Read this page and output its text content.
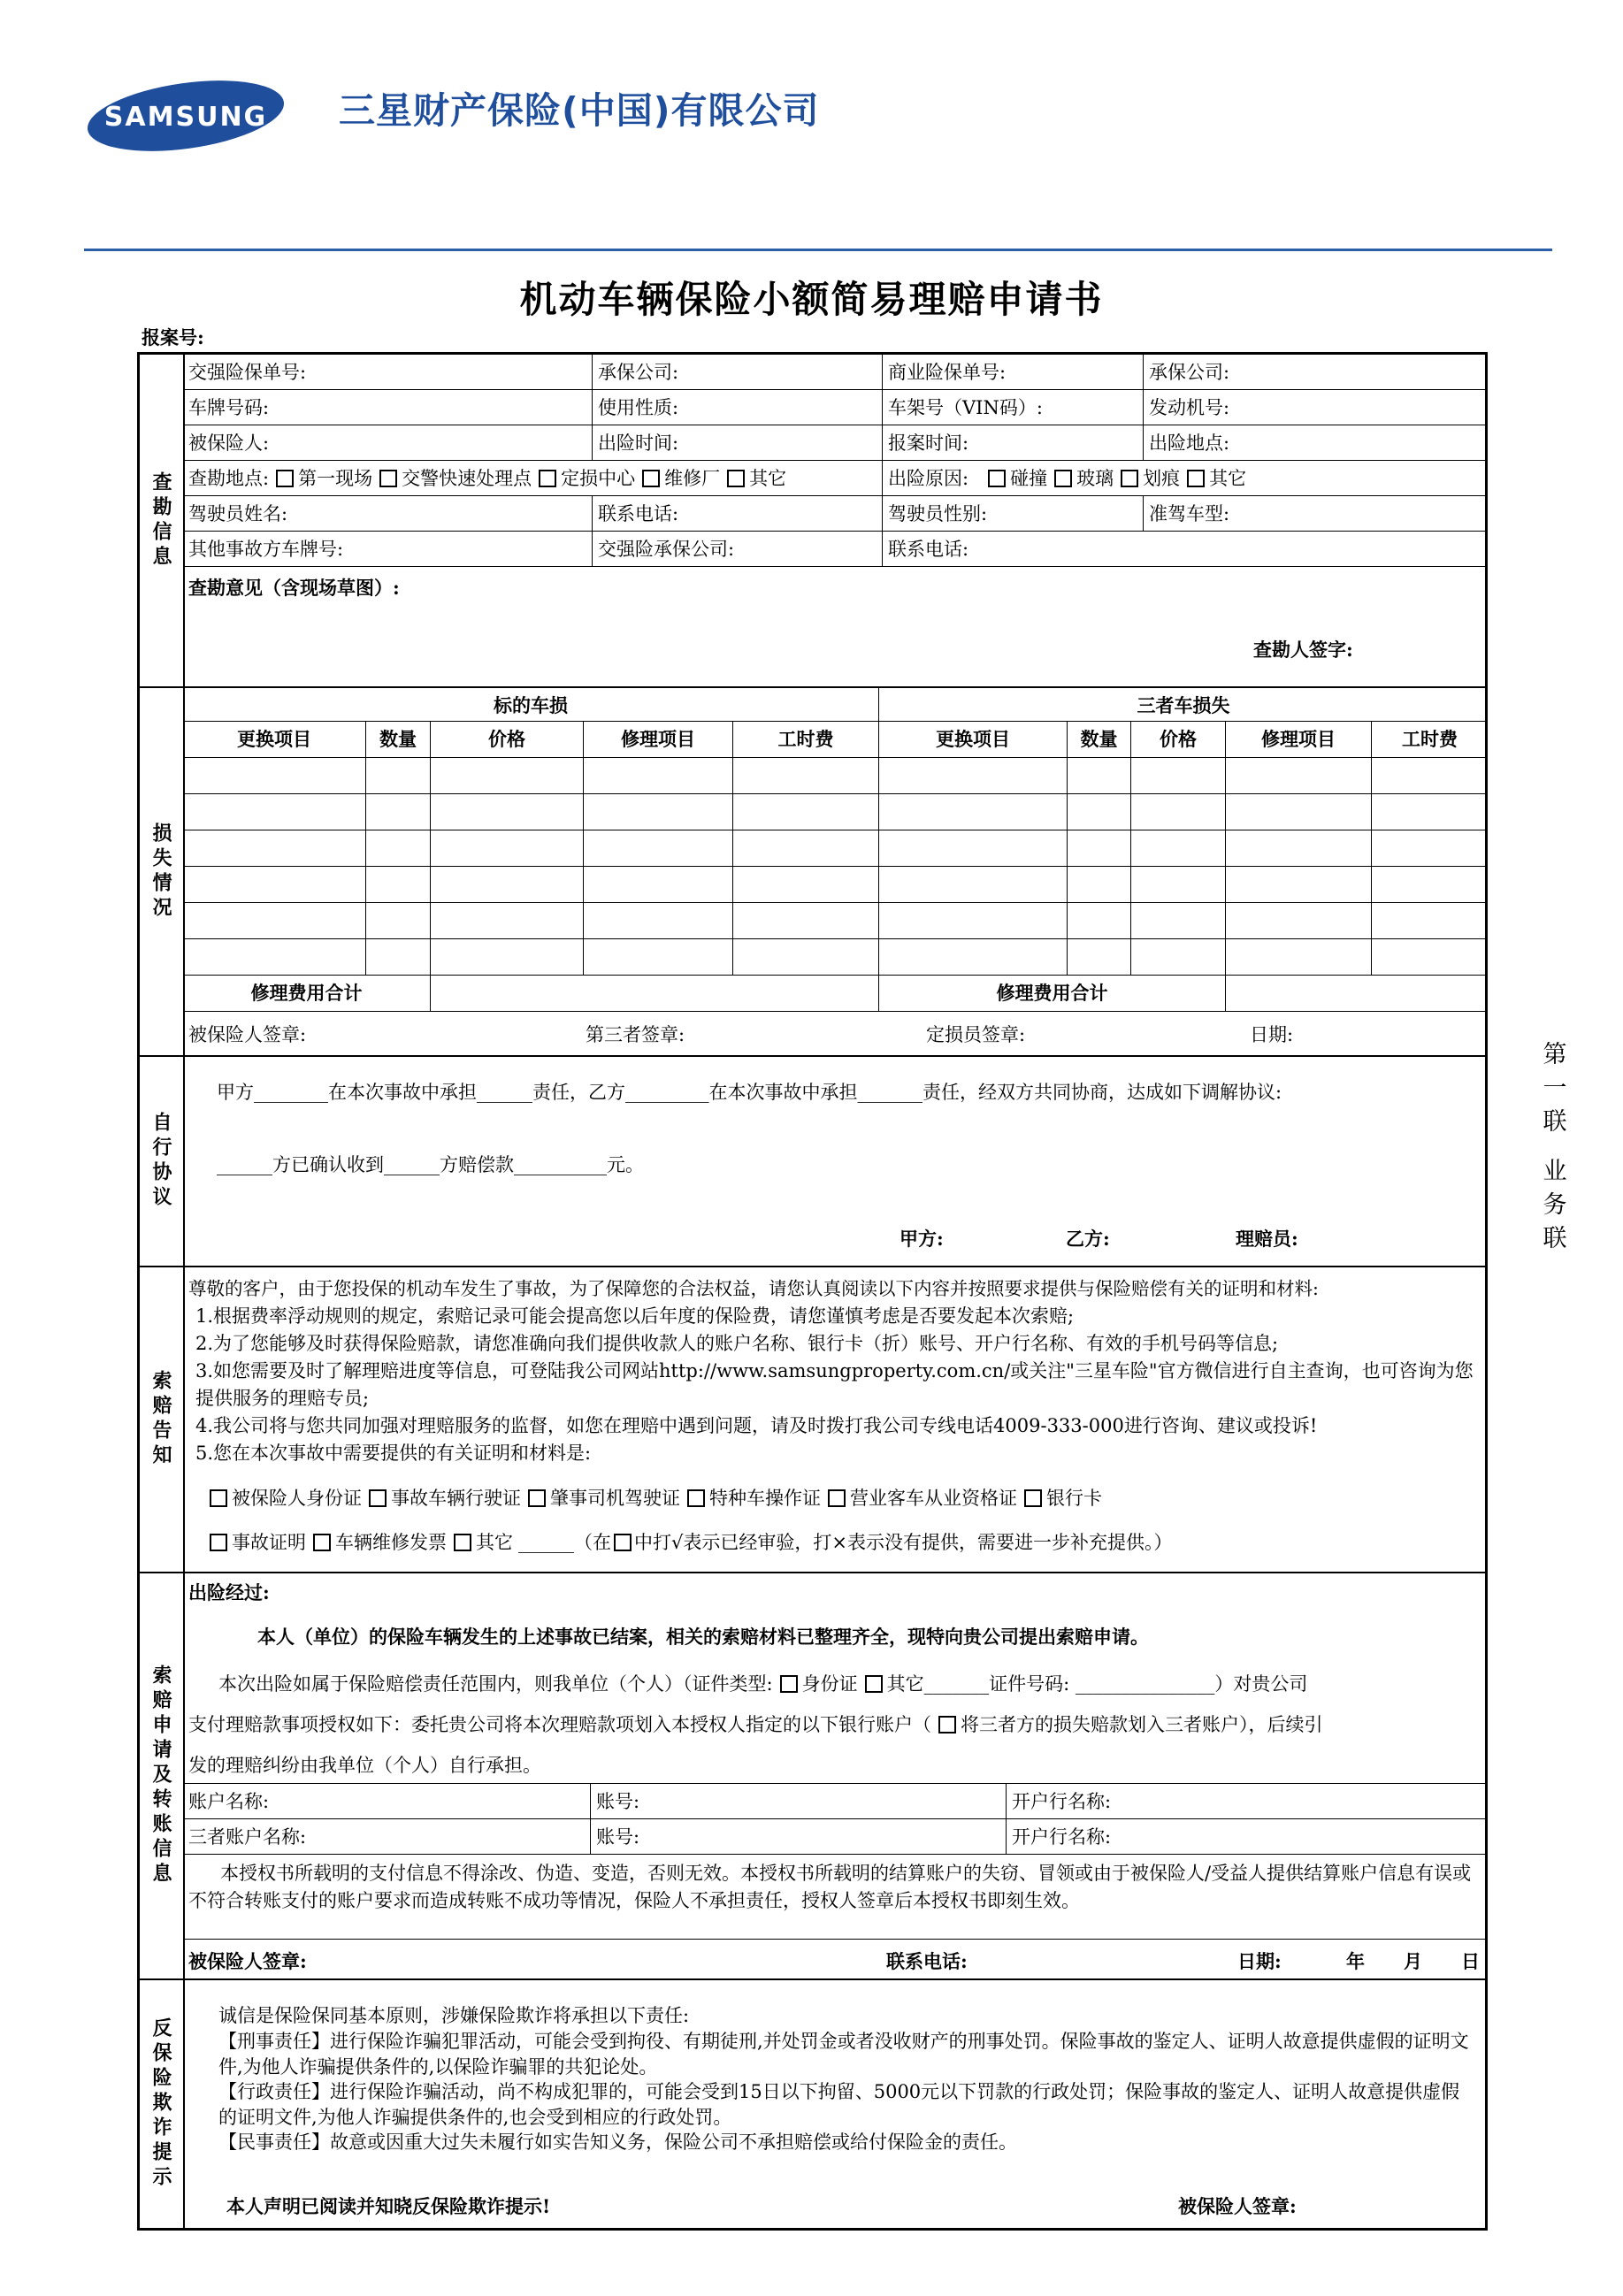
SAMSUNG 三星财产保险(中国)有限公司
机动车辆保险小额简易理赔申请书
报案号:
第
一
联
业
务
联
查勘信息
交强险保单号:	承保公司:	商业险保单号:	承保公司:
车牌号码:	使用性质:	车架号（VIN码）:	发动机号:
被保险人:	出险时间:	报案时间:	出险地点:
查勘地点: 第一现场 交警快速处理点 定损中心 维修厂 其它	出险原因: 碰撞 玻璃 划痕 其它
驾驶员姓名:	联系电话:	驾驶员性别:	准驾车型:
其他事故方车牌号:	交强险承保公司:	联系电话:
查勘意见（含现场草图）:
查勘人签字:
损失情况
标的车损	三者车损失
更换项目	数量	价格	修理项目	工时费	更换项目	数量	价格	修理项目	工时费
修理费用合计	修理费用合计
被保险人签章:	第三者签章:	定损员签章:	日期:
自行协议
甲方________在本次事故中承担______责任，乙方_________在本次事故中承担_______责任，经双方共同协商，达成如下调解协议:
______方已确认收到______方赔偿款__________元。
甲方:	乙方:	理赔员:
索赔告知
尊敬的客户，由于您投保的机动车发生了事故，为了保障您的合法权益，请您认真阅读以下内容并按照要求提供与保险赔偿有关的证明和材料:

1.根据费率浮动规则的规定，索赔记录可能会提高您以后年度的保险费，请您谨慎考虑是否要发起本次索赔;

2.为了您能够及时获得保险赔款，请您准确向我们提供收款人的账户名称、银行卡（折）账号、开户行名称、有效的手机号码等信息;

3.如您需要及时了解理赔进度等信息，可登陆我公司网站http://www.samsungproperty.com.cn/或关注"三星车险"官方微信进行自主查询，也可咨询为您提供服务的理赔专员;

4.我公司将与您共同加强对理赔服务的监督，如您在理赔中遇到问题，请及时拨打我公司专线电话4009-333-000进行咨询、建议或投诉!

5.您在本次事故中需要提供的有关证明和材料是:

被保险人身份证 事故车辆行驶证 肇事司机驾驶证 特种车操作证 营业客车从业资格证 银行卡
事故证明 车辆维修发票 其它 ______（在 中打√表示已经审验，打×表示没有提供，需要进一步补充提供。）
索赔申请及转账信息
出险经过:
本人（单位）的保险车辆发生的上述事故已结案，相关的索赔材料已整理齐全，现特向贵公司提出索赔申请。
本次出险如属于保险赔偿责任范围内，则我单位（个人）（证件类型: 身份证 其它_______证件号码: _______________）对贵公司
支付理赔款事项授权如下：委托贵公司将本次理赔款项划入本授权人指定的以下银行账户（ 将三者方的损失赔款划入三者账户），后续引
发的理赔纠纷由我单位（个人）自行承担。
账户名称:	账号:	开户行名称:
三者账户名称:	账号:	开户行名称:

本授权书所载明的支付信息不得涂改、伪造、变造，否则无效。本授权书所载明的结算账户的失窃、冒领或由于被保险人/受益人提供结算账户信息有误或不符合转账支付的账户要求而造成转账不成功等情况，保险人不承担责任，授权人签章后本授权书即刻生效。

被保险人签章:	联系电话:	日期:	年 月 日
反保险欺诈提示
诚信是保险保同基本原则，涉嫌保险欺诈将承担以下责任:

【刑事责任】进行保险诈骗犯罪活动，可能会受到拘役、有期徒刑,并处罚金或者没收财产的刑事处罚。保险事故的鉴定人、证明人故意提供虚假的证明文件,为他人诈骗提供条件的,以保险诈骗罪的共犯论处。

【行政责任】进行保险诈骗活动，尚不构成犯罪的，可能会受到15日以下拘留、5000元以下罚款的行政处罚；保险事故的鉴定人、证明人故意提供虚假的证明文件,为他人诈骗提供条件的,也会受到相应的行政处罚。

【民事责任】故意或因重大过失未履行如实告知义务，保险公司不承担赔偿或给付保险金的责任。

本人声明已阅读并知晓反保险欺诈提示!	被保险人签章:
